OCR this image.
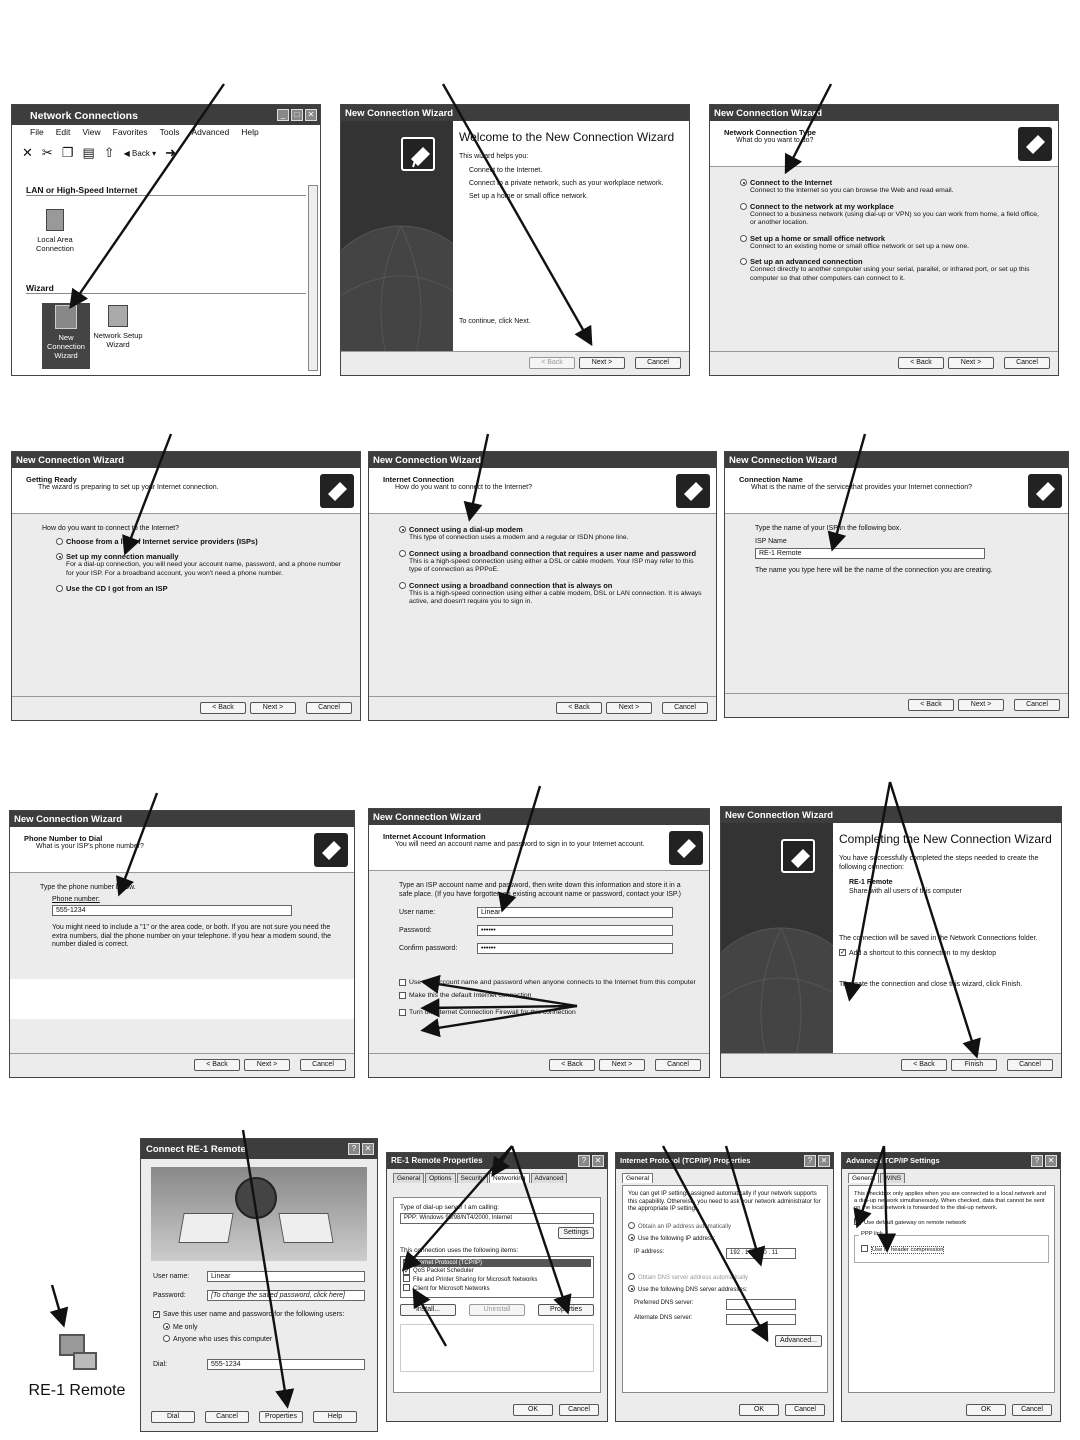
Network Connections	_	□	✕
File Edit View Favorites Tools Advanced Help
✕ ✂ ❐ ▤ ⇧ ◀ Back ▾ ➜
LAN or High-Speed Internet
Local Area Connection
Wizard
New Connection Wizard
Network Setup Wizard
New Connection Wizard
Welcome to the New Connection Wizard
This wizard helps you:
Connect to the Internet.
Connect to a private network, such as your workplace network.
Set up a home or small office network.
To continue, click Next.
< Back	Next >	Cancel
New Connection Wizard
Network Connection Type
What do you want to do?
Connect to the Internet
Connect to the Internet so you can browse the Web and read email.
Connect to the network at my workplace
Connect to a business network (using dial-up or VPN) so you can work from home, a field office, or another location.
Set up a home or small office network
Connect to an existing home or small office network or set up a new one.
Set up an advanced connection
Connect directly to another computer using your serial, parallel, or infrared port, or set up this computer so that other computers can connect to it.
< Back	Next >	Cancel
New Connection Wizard
Getting Ready
The wizard is preparing to set up your Internet connection.
How do you want to connect to the Internet?
Choose from a list of Internet service providers (ISPs)
Set up my connection manually
For a dial-up connection, you will need your account name, password, and a phone number for your ISP. For a broadband account, you won't need a phone number.
Use the CD I got from an ISP
< Back	Next >	Cancel
New Connection Wizard
Internet Connection
How do you want to connect to the Internet?
Connect using a dial-up modem
This type of connection uses a modem and a regular or ISDN phone line.
Connect using a broadband connection that requires a user name and password
This is a high-speed connection using either a DSL or cable modem. Your ISP may refer to this type of connection as PPPoE.
Connect using a broadband connection that is always on
This is a high-speed connection using either a cable modem, DSL or LAN connection. It is always active, and doesn't require you to sign in.
< Back	Next >	Cancel
New Connection Wizard
Connection Name
What is the name of the service that provides your Internet connection?
Type the name of your ISP in the following box.
ISP Name
RE-1 Remote
The name you type here will be the name of the connection you are creating.
< Back	Next >	Cancel
New Connection Wizard
Phone Number to Dial
What is your ISP's phone number?
Type the phone number below.
Phone number:
555-1234
You might need to include a "1" or the area code, or both. If you are not sure you need the extra numbers, dial the phone number on your telephone. If you hear a modem sound, the number dialed is correct.
< Back	Next >	Cancel
New Connection Wizard
Internet Account Information
You will need an account name and password to sign in to your Internet account.
Type an ISP account name and password, then write down this information and store it in a safe place. (If you have forgotten an existing account name or password, contact your ISP.)
User name:	Linear
Password:	••••••
Confirm password:	••••••
Use this account name and password when anyone connects to the Internet from this computer
Make this the default Internet connection
Turn on Internet Connection Firewall for this connection
< Back	Next >	Cancel
New Connection Wizard
Completing the New Connection Wizard
You have successfully completed the steps needed to create the following connection:
RE-1 Remote
Share with all users of this computer
The connection will be saved in the Network Connections folder.
✓ Add a shortcut to this connection to my desktop
To create the connection and close this wizard, click Finish.
< Back	Finish	Cancel
RE-1 Remote
Connect RE-1 Remote	?	✕
User name:	Linear
Password:	[To change the saved password, click here]
✓ Save this user name and password for the following users:
Me only
Anyone who uses this computer
Dial:	555-1234
Dial	Cancel	Properties	Help
RE-1 Remote Properties	?	✕
General	Options	Security	Networking	Advanced
Type of dial-up server I am calling:
PPP: Windows 95/98/NT4/2000, Internet
Settings
This connection uses the following items:
✓ Internet Protocol (TCP/IP)
✓ QoS Packet Scheduler
File and Printer Sharing for Microsoft Networks
Client for Microsoft Networks
Install...	Uninstall	Properties
OK	Cancel
Internet Protocol (TCP/IP) Properties	?	✕
General
You can get IP settings assigned automatically if your network supports this capability. Otherwise, you need to ask your network administrator for the appropriate IP settings.
Obtain an IP address automatically
Use the following IP address:
IP address:	192 . 168 . 20 . 11
Obtain DNS server address automatically
Use the following DNS server addresses:
Preferred DNS server:
Alternate DNS server:
Advanced...
OK	Cancel
Advanced TCP/IP Settings	?	✕
General	WINS
This checkbox only applies when you are connected to a local network and a dial-up network simultaneously. When checked, data that cannot be sent on the local network is forwarded to the dial-up network.
Use default gateway on remote network
PPP link
Use IP header compression
OK	Cancel
